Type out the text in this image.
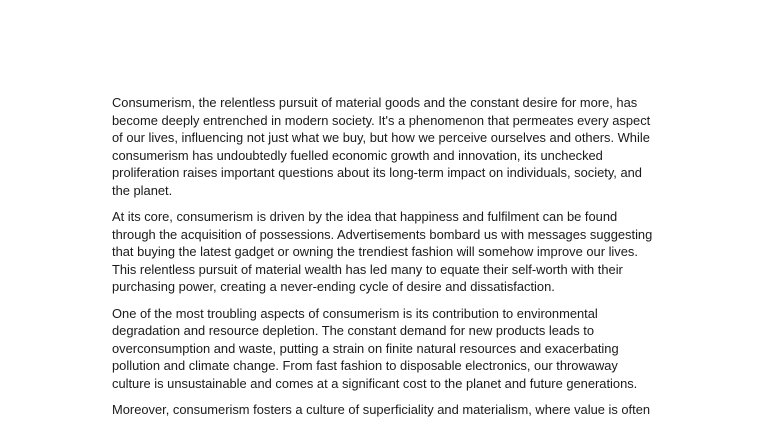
Consumerism, the relentless pursuit of material goods and the constant desire for more, has
become deeply entrenched in modern society. It's a phenomenon that permeates every aspect
of our lives, influencing not just what we buy, but how we perceive ourselves and others. While
consumerism has undoubtedly fuelled economic growth and innovation, its unchecked
proliferation raises important questions about its long-term impact on individuals, society, and
the planet.

At its core, consumerism is driven by the idea that happiness and fulfilment can be found
through the acquisition of possessions. Advertisements bombard us with messages suggesting
that buying the latest gadget or owning the trendiest fashion will somehow improve our lives.
This relentless pursuit of material wealth has led many to equate their self-worth with their
purchasing power, creating a never-ending cycle of desire and dissatisfaction.

One of the most troubling aspects of consumerism is its contribution to environmental
degradation and resource depletion. The constant demand for new products leads to
overconsumption and waste, putting a strain on finite natural resources and exacerbating
pollution and climate change. From fast fashion to disposable electronics, our throwaway
culture is unsustainable and comes at a significant cost to the planet and future generations.

Moreover, consumerism fosters a culture of superficiality and materialism, where value is often
